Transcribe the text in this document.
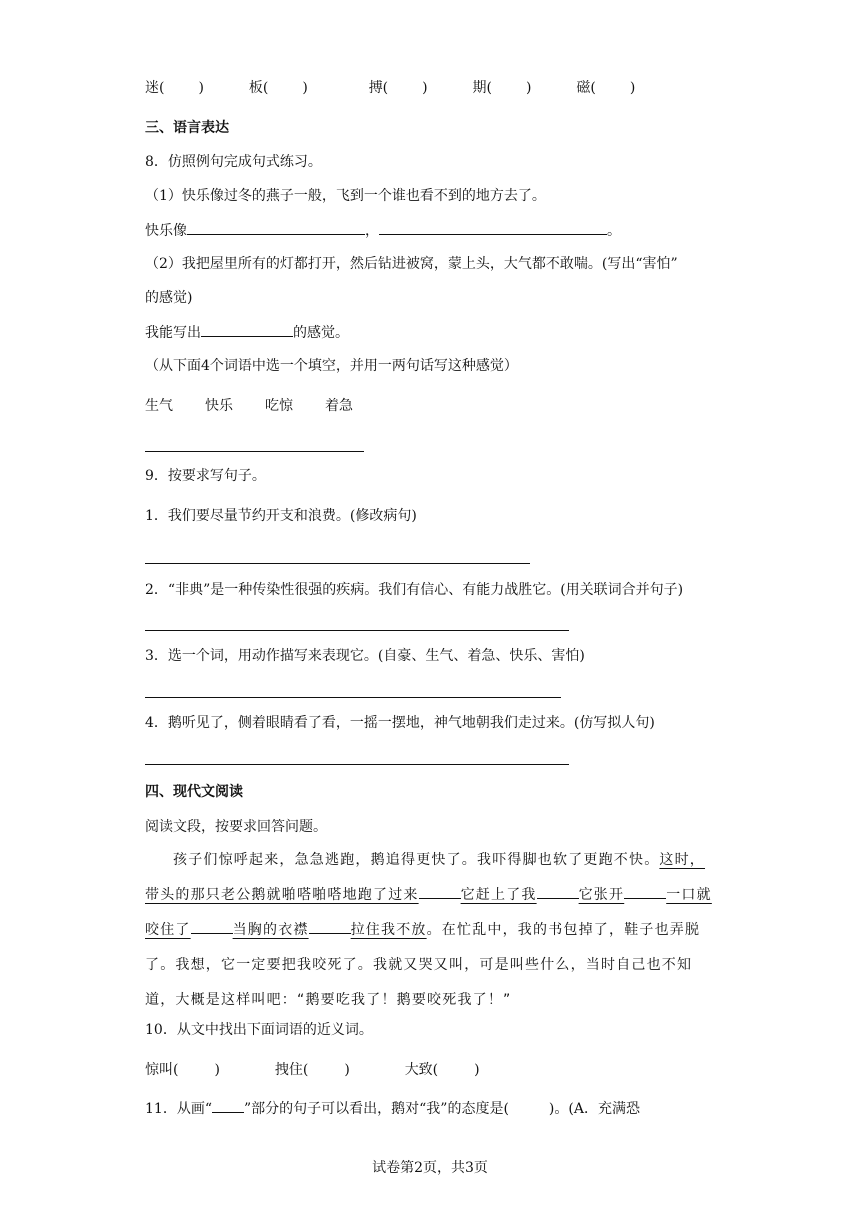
迷( )	板( )	搏( )	期( )	磁( )
三、语言表达
8．仿照例句完成句式练习。
（1）快乐像过冬的燕子一般，飞到一个谁也看不到的地方去了。
快乐像	，	。
（2）我把屋里所有的灯都打开，然后钻进被窝，蒙上头，大气都不敢喘。(写出“害怕”
的感觉)
我能写出	的感觉。
（从下面4个词语中选一个填空，并用一两句话写这种感觉）
生气 快乐 吃惊 着急
9．按要求写句子。
1．我们要尽量节约开支和浪费。(修改病句)
2．“非典”是一种传染性很强的疾病。我们有信心、有能力战胜它。(用关联词合并句子)
3．选一个词，用动作描写来表现它。(自豪、生气、着急、快乐、害怕)
4．鹅听见了，侧着眼睛看了看，一摇一摆地，神气地朝我们走过来。(仿写拟人句)
四、现代文阅读
阅读文段，按要求回答问题。
孩子们惊呼起来，急急逃跑，鹅追得更快了。我吓得脚也软了更跑不快。这时，带头的那只老公鹅就啪嗒啪嗒地跑了过来	它赶上了我	它张开	一口就咬住了	当胸的衣襟	拉住我不放。在忙乱中，我的书包掉了，鞋子也弄脱了。我想，它一定要把我咬死了。我就又哭又叫，可是叫些什么，当时自己也不知道，大概是这样叫吧：“鹅要吃我了！鹅要咬死我了！”
10．从文中找出下面词语的近义词。
惊叫(	)	拽住(	)	大致(	)
11．从画“ ”部分的句子可以看出，鹅对“我”的态度是(	)。(A．充满恐
试卷第2页，共3页
